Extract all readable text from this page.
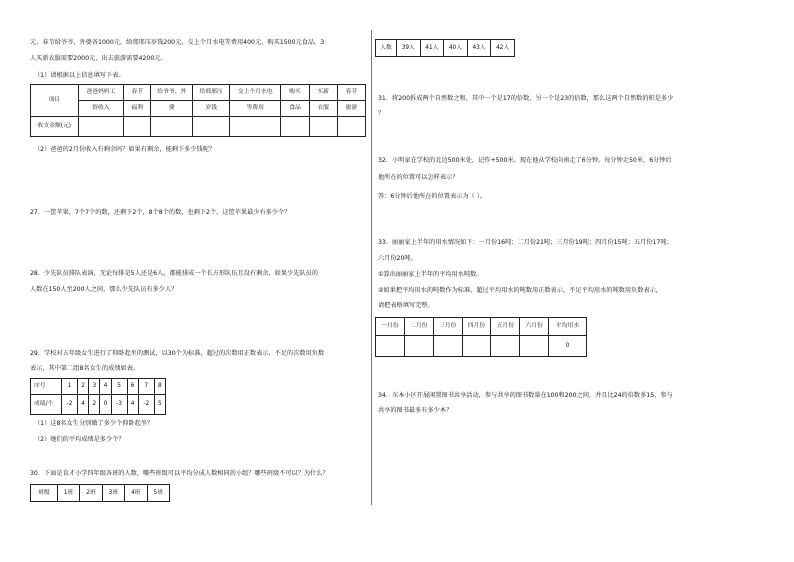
元。春节给爷爷、外婆各1000元，给邢邢压岁钱200元，交上个月水电等费用400元，购买1500元食品，3
人买新衣服需要2000元，出去旅游需要4200元。
（1）请根据以上信息填写下表。
项目	爸爸妈妈工	春节	给爷爷、外	给邢邢压	交上个月水电	购买	买新	春节
	资收入	福利	婆	岁钱	等费用	食品	衣服	旅游
收支金额(元)								
（2）爸爸的2月份收入有剩余吗？如果有剩余，能剩下多少钱呢？
27．一筐苹果，7个7个的数，还剩下2个，8个8个的数，也剩下2个，这筐苹果最少有多少个？
28．少先队员排队表演，无论每排是5人还是6人，都能排成一个长方形队伍且没有剩余，如果少先队员的
人数在150人至200人之间，那么少先队员有多少人？
29．学校对五年级女生进行了仰卧起坐的测试，以30个为标准，超过的次数用正数表示，不足的次数用负数
表示，其中第二组8名女生的成绩如表。
序号	1	2	3	4	5	6	7	8
成绩/个	-2	4	2	0	-3	4	-2	5
（1）这8名女生分别做了多少个仰卧起坐？
（2）她们的平均成绩是多少个？
30．下面是育才小学四年级各班的人数，哪些班级可以平均分成人数相同的小组？哪些班级不可以？为什么？
班级	1班	2班	3班	4班	5班
人数	39人	41人	40人	43人	42人
31．将200拆成两个自然数之和，其中一个是17的倍数，另一个是23的倍数，那么这两个自然数的积是多少
？
32．小明家在学校的北边500米处，记作+500米。现在他从学校向南走了6分钟，每分钟走50米，6分钟后
他所在的位置可以怎样表示？
答：6分钟后他所在的位置表示为（ ）。
33．丽丽家上半年的用水情况如下：一月份16吨；二月份21吨；三月份19吨；四月份15吨；五月份17吨；
六月份20吨。
①算出丽丽家上半年的平均用水吨数。
②如果把平均用水的吨数作为标准，超过平均用水的吨数用正数表示，不足平均用水的吨数用负数表示，
请把表格填写完整。
一月份	二月份	三月份	四月份	五月份	六月份	平均用水
						0
34．东本小区开展闲置图书共享活动，参与共享的图书数量在100和200之间，并且比24的倍数多15，参与
共享的图书最多有多少本？
